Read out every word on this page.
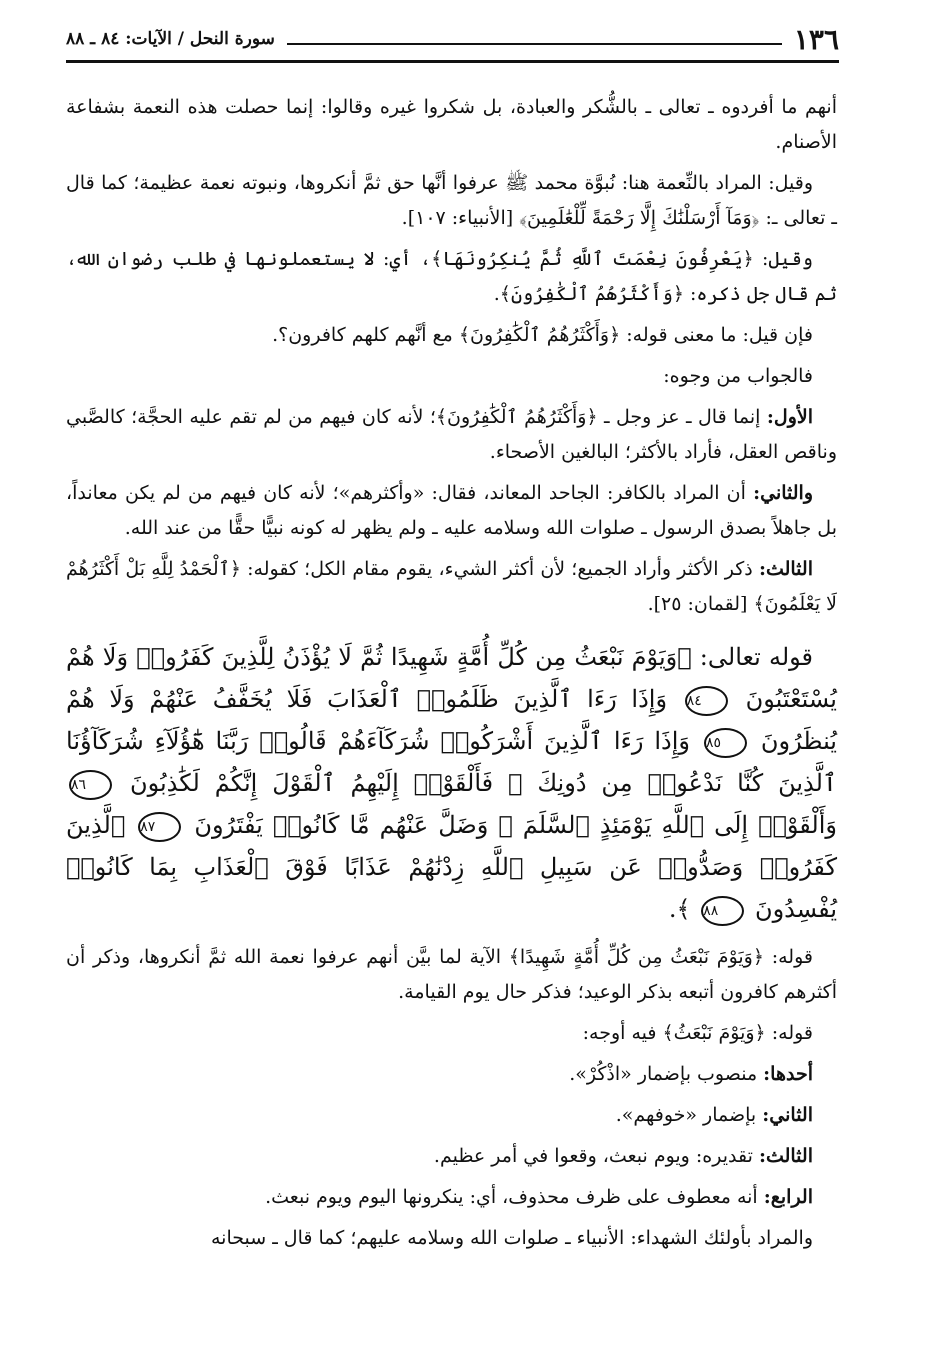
١٣٦
سورة النحل / الآيات: ٨٤ ـ ٨٨

أنهم ما أفردوه ـ تعالى ـ بالشُّكر والعبادة، بل شكروا غيره وقالوا: إنما حصلت هذه النعمة بشفاعة الأصنام.

وقيل: المراد بالنِّعمة هنا: نُبوَّة محمد ﷺ عرفوا أنَّها حق ثمَّ أنكروها، ونبوته نعمة عظيمة؛ كما قال ـ تعالى ـ: ﴿وَمَآ أَرْسَلْنَٰكَ إِلَّا رَحْمَةً لِّلْعَٰلَمِينَ﴾ [الأنبياء: ١٠٧].

وقيل: ﴿يَعْرِفُونَ نِعْمَتَ ٱللَّهِ ثُمَّ يُنكِرُونَهَا﴾، أي: لا يستعملونها في طلب رضوان الله، ثم قال جل ذكره: ﴿وَأَكْثَرُهُمُ ٱلْكَٰفِرُونَ﴾.

فإن قيل: ما معنى قوله: ﴿وَأَكْثَرُهُمُ ٱلْكَٰفِرُونَ﴾ مع أنَّهم كلهم كافرون؟.

فالجواب من وجوه:

الأول: إنما قال ـ عز وجل ـ ﴿وَأَكْثَرُهُمُ ٱلْكَٰفِرُونَ﴾؛ لأنه كان فيهم من لم تقم عليه الحجَّة؛ كالصَّبي وناقص العقل، فأراد بالأكثر؛ البالغين الأصحاء.

والثاني: أن المراد بالكافر: الجاحد المعاند، فقال: «وأكثرهم»؛ لأنه كان فيهم من لم يكن معانداً، بل جاهلاً بصدق الرسول ـ صلوات الله وسلامه عليه ـ ولم يظهر له كونه نبيًّا حقًّا من عند الله.

الثالث: ذكر الأكثر وأراد الجميع؛ لأن أكثر الشيء، يقوم مقام الكل؛ كقوله: ﴿ٱلْحَمْدُ لِلَّهِ بَلْ أَكْثَرُهُمْ لَا يَعْلَمُونَ﴾ [لقمان: ٢٥].

قوله تعالى: ﴿وَيَوْمَ نَبْعَثُ مِن كُلِّ أُمَّةٍ شَهِيدًا ثُمَّ لَا يُؤْذَنُ لِلَّذِينَ كَفَرُوا۟ وَلَا هُمْ يُسْتَعْتَبُونَ ٨٤ وَإِذَا رَءَا ٱلَّذِينَ ظَلَمُوا۟ ٱلْعَذَابَ فَلَا يُخَفَّفُ عَنْهُمْ وَلَا هُمْ يُنظَرُونَ ٨٥ وَإِذَا رَءَا ٱلَّذِينَ أَشْرَكُوا۟ شُرَكَآءَهُمْ قَالُوا۟ رَبَّنَا هَٰٓؤُلَآءِ شُرَكَآؤُنَا ٱلَّذِينَ كُنَّا نَدْعُوا۟ مِن دُونِكَ ۖ فَأَلْقَوْا۟ إِلَيْهِمُ ٱلْقَوْلَ إِنَّكُمْ لَكَٰذِبُونَ ٨٦ وَأَلْقَوْا۟ إِلَى ٱللَّهِ يَوْمَئِذٍ ٱلسَّلَمَ ۖ وَضَلَّ عَنْهُم مَّا كَانُوا۟ يَفْتَرُونَ ٨٧ ٱلَّذِينَ كَفَرُوا۟ وَصَدُّوا۟ عَن سَبِيلِ ٱللَّهِ زِدْنَٰهُمْ عَذَابًا فَوْقَ ٱلْعَذَابِ بِمَا كَانُوا۟ يُفْسِدُونَ ٨٨ ﴾.

قوله: ﴿وَيَوْمَ نَبْعَثُ مِن كُلِّ أُمَّةٍ شَهِيدًا﴾ الآية لما بيَّن أنهم عرفوا نعمة الله ثمَّ أنكروها، وذكر أن أكثرهم كافرون أتبعه بذكر الوعيد؛ فذكر حال يوم القيامة.

قوله: ﴿وَيَوْمَ نَبْعَثُ﴾ فيه أوجه:

أحدها: منصوب بإضمار «اذْكُرْ».

الثاني: بإضمار «خوفهم».

الثالث: تقديره: ويوم نبعث، وقعوا في أمر عظيم.

الرابع: أنه معطوف على ظرف محذوف، أي: ينكرونها اليوم ويوم نبعث.

والمراد بأولئك الشهداء: الأنبياء ـ صلوات الله وسلامه عليهم؛ كما قال ـ سبحانه
